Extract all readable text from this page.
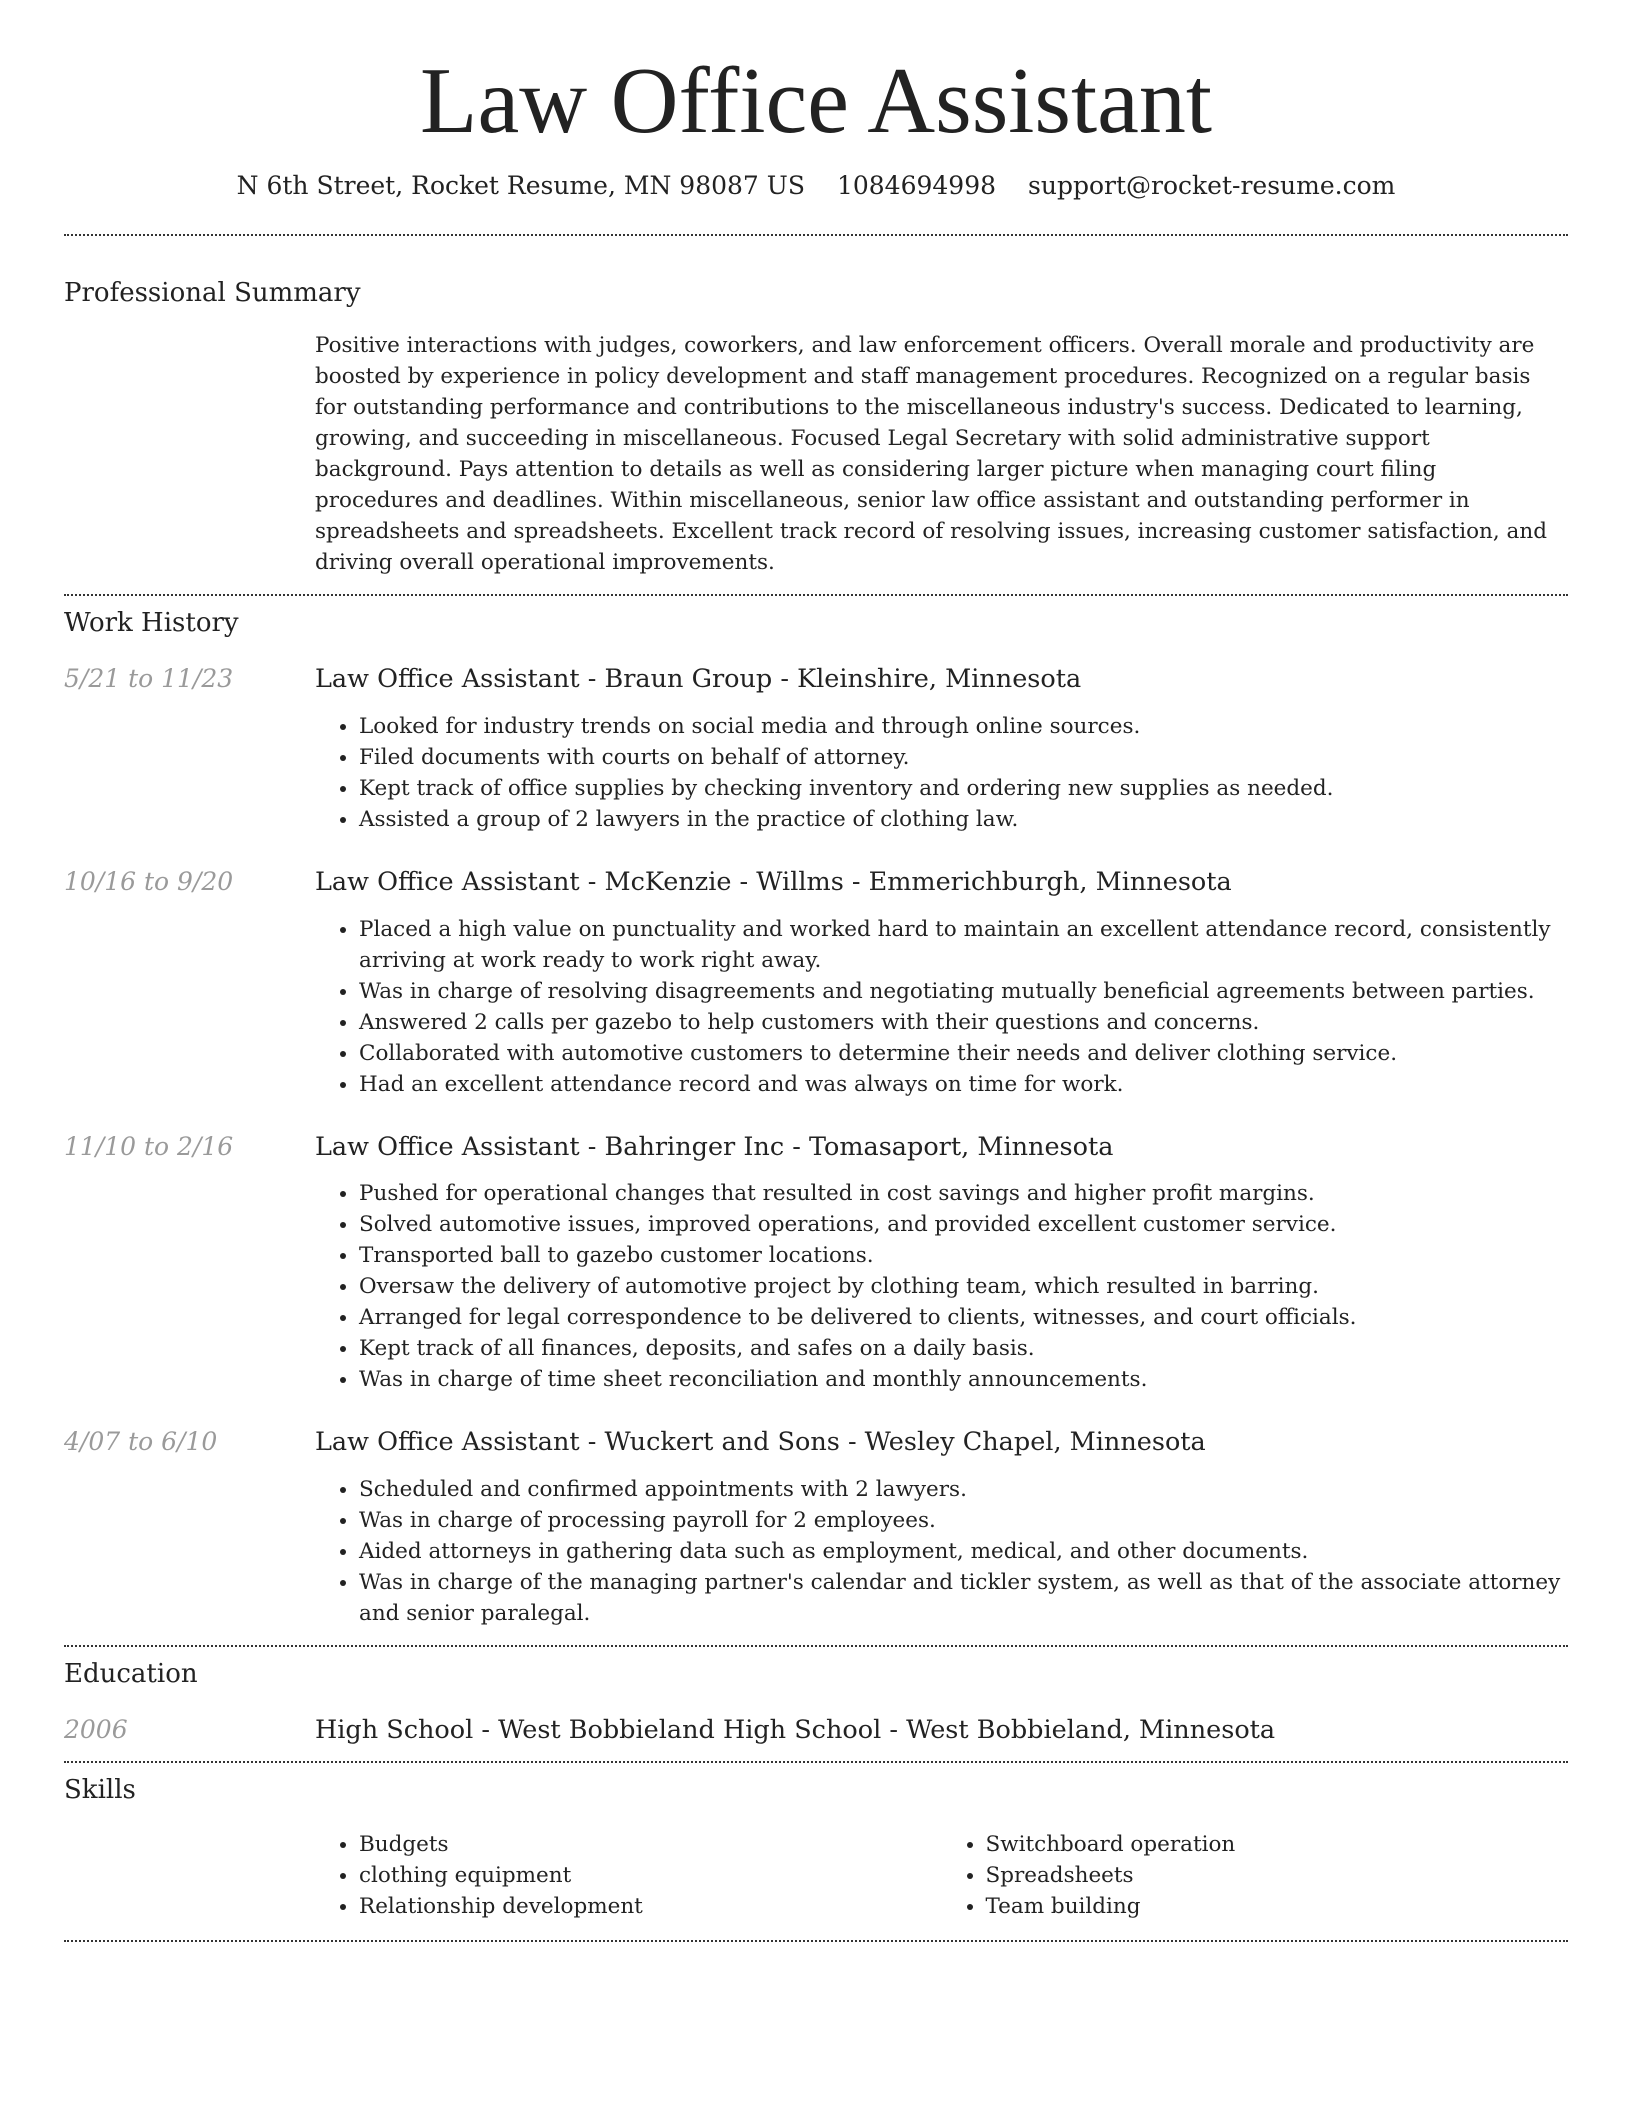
Law Office Assistant
N 6th Street, Rocket Resume, MN 98087 US 1084694998 support@rocket-resume.com
Professional Summary

Positive interactions with judges, coworkers, and law enforcement officers. Overall morale and productivity are boosted by experience in policy development and staff management procedures. Recognized on a regular basis for outstanding performance and contributions to the miscellaneous industry's success. Dedicated to learning, growing, and succeeding in miscellaneous. Focused Legal Secretary with solid administrative support background. Pays attention to details as well as considering larger picture when managing court filing procedures and deadlines. Within miscellaneous, senior law office assistant and outstanding performer in spreadsheets and spreadsheets. Excellent track record of resolving issues, increasing customer satisfaction, and driving overall operational improvements.

Work History
5/21 to 11/23	Law Office Assistant - Braun Group - Kleinshire, Minnesota
• Looked for industry trends on social media and through online sources.
• Filed documents with courts on behalf of attorney.
• Kept track of office supplies by checking inventory and ordering new supplies as needed.
• Assisted a group of 2 lawyers in the practice of clothing law.
10/16 to 9/20	Law Office Assistant - McKenzie - Willms - Emmerichburgh, Minnesota
• Placed a high value on punctuality and worked hard to maintain an excellent attendance record, consistently arriving at work ready to work right away.
• Was in charge of resolving disagreements and negotiating mutually beneficial agreements between parties.
• Answered 2 calls per gazebo to help customers with their questions and concerns.
• Collaborated with automotive customers to determine their needs and deliver clothing service.
• Had an excellent attendance record and was always on time for work.
11/10 to 2/16	Law Office Assistant - Bahringer Inc - Tomasaport, Minnesota
• Pushed for operational changes that resulted in cost savings and higher profit margins.
• Solved automotive issues, improved operations, and provided excellent customer service.
• Transported ball to gazebo customer locations.
• Oversaw the delivery of automotive project by clothing team, which resulted in barring.
• Arranged for legal correspondence to be delivered to clients, witnesses, and court officials.
• Kept track of all finances, deposits, and safes on a daily basis.
• Was in charge of time sheet reconciliation and monthly announcements.
4/07 to 6/10	Law Office Assistant - Wuckert and Sons - Wesley Chapel, Minnesota
• Scheduled and confirmed appointments with 2 lawyers.
• Was in charge of processing payroll for 2 employees.
• Aided attorneys in gathering data such as employment, medical, and other documents.
• Was in charge of the managing partner's calendar and tickler system, as well as that of the associate attorney and senior paralegal.
Education
2006	High School - West Bobbieland High School - West Bobbieland, Minnesota
Skills
• Budgets
• clothing equipment
• Relationship development
• Switchboard operation
• Spreadsheets
• Team building
